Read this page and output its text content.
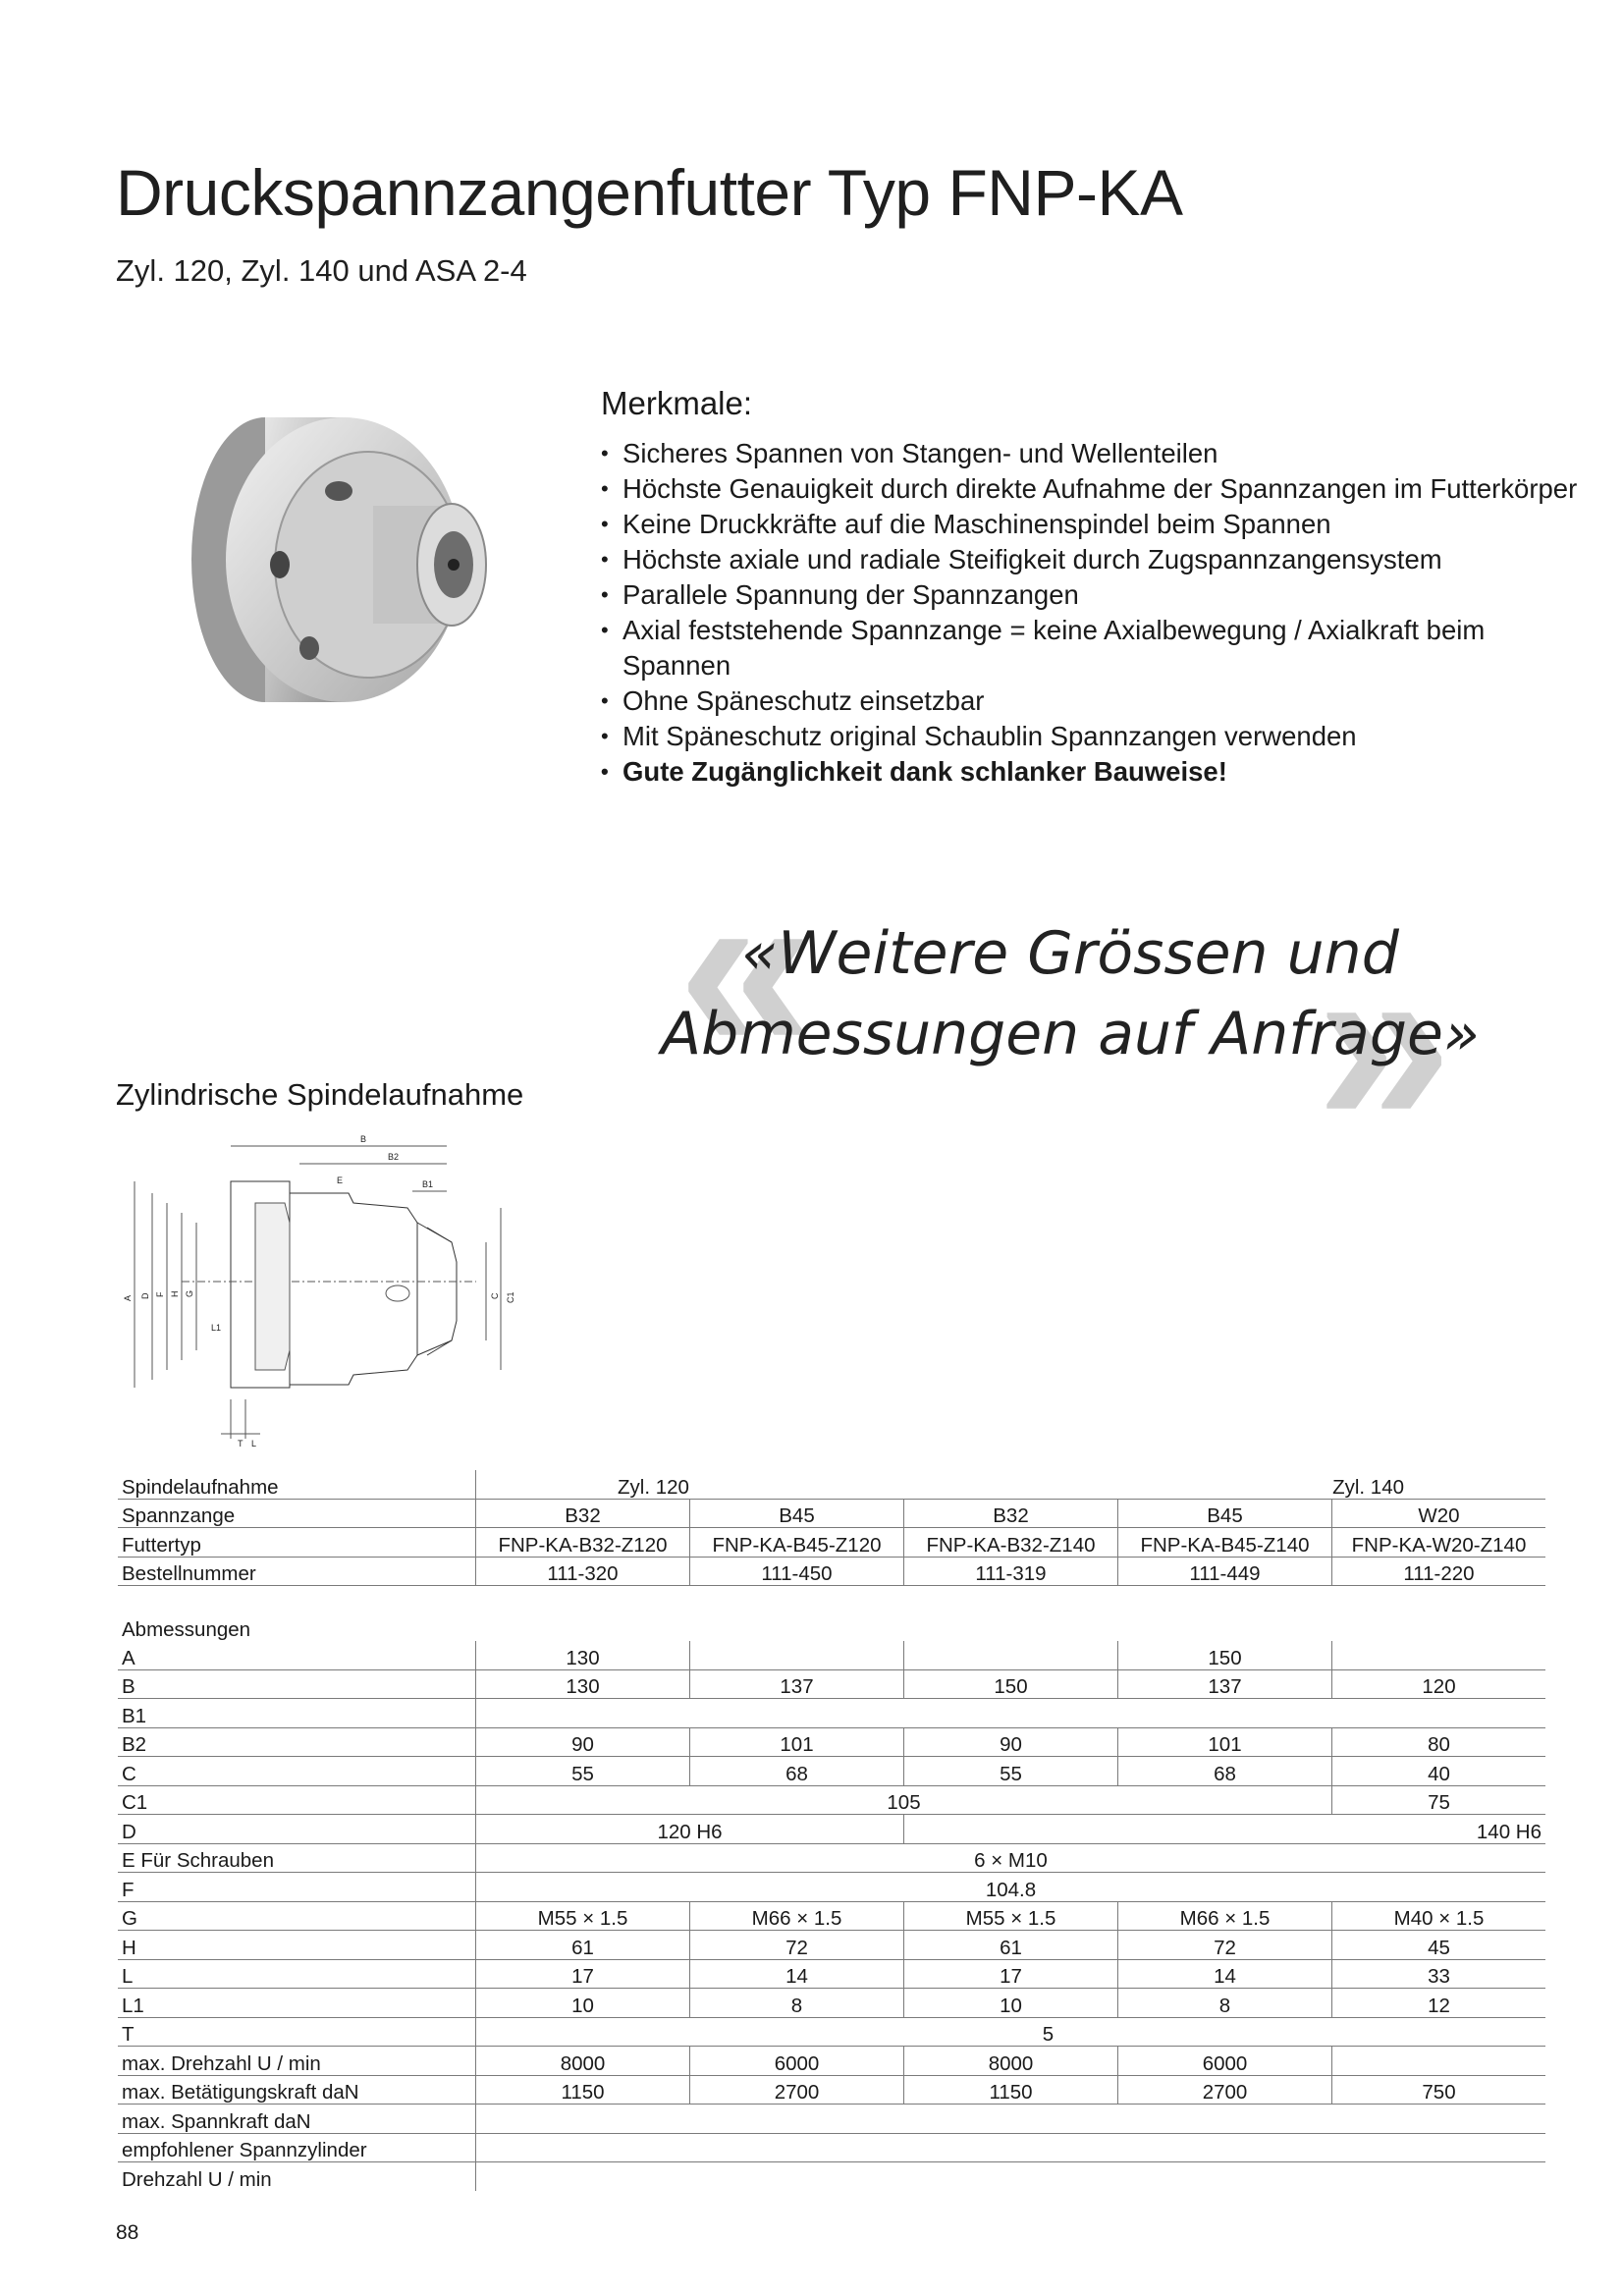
Druckspannzangenfutter Typ FNP-KA

Zyl. 120, Zyl. 140 und ASA 2-4

Merkmale:
• Sicheres Spannen von Stangen- und Wellenteilen
• Höchste Genauigkeit durch direkte Aufnahme der Spannzangen im Futterkörper
• Keine Druckkräfte auf die Maschinenspindel beim Spannen
• Höchste axiale und radiale Steifigkeit durch Zugspannzangensystem
• Parallele Spannung der Spannzangen
• Axial feststehende Spannzange = keine Axialbewegung / Axialkraft beim Spannen
• Ohne Späneschutz einsetzbar
• Mit Späneschutz original Schaublin Spannzangen verwenden
• Gute Zugänglichkeit dank schlanker Bauweise!
« »

«Weitere Grössen und
Abmessungen auf Anfrage»

Zylindrische Spindelaufnahme
B
B2
B1
E
A D F H G
L1
C C1
T L
Spindelaufnahme	Zyl. 120 Zyl. 140				

Spannzange	B32	B45	B32	B45	W20
Futtertyp	FNP-KA-B32-Z120	FNP-KA-B45-Z120	FNP-KA-B32-Z140	FNP-KA-B45-Z140	FNP-KA-W20-Z140
Bestellnummer	111-320	111-450	111-319	111-449	111-220

Abmessungen					
A	130			150	
B	130	137	150	137	120
B1					
B2	90	101	90	101	80
C	55	68	55	68	40
C1	105				75
D	120 H6		140 H6		
E Für Schrauben	6 × M10				
F	104.8				
G	M55 × 1.5	M66 × 1.5	M55 × 1.5	M66 × 1.5	M40 × 1.5
H	61	72	61	72	45
L	17	14	17	14	33
L1	10	8	10	8	12
T	5				
max. Drehzahl U / min	8000	6000	8000	6000	
max. Betätigungskraft daN	1150	2700	1150	2700	750
max. Spannkraft daN					
empfohlener Spannzylinder					
Drehzahl U / min					

88
